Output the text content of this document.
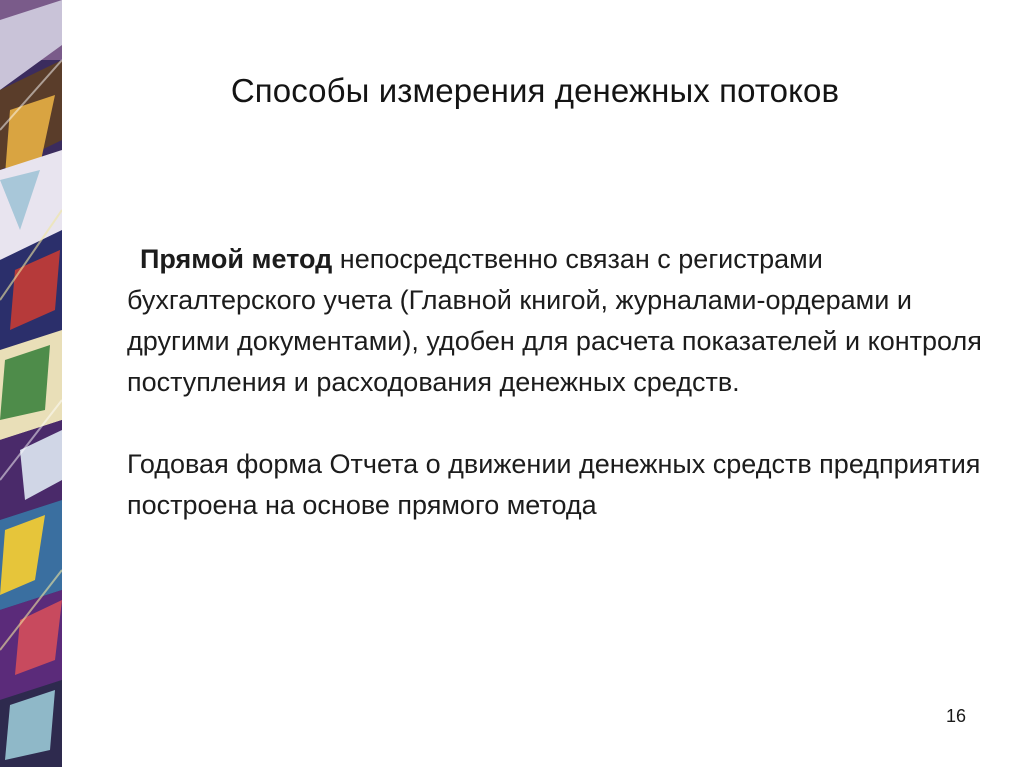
Способы измерения денежных потоков

Прямой метод непосредственно связан с регистрами бухгалтерского учета (Главной книгой, журналами-ордерами и другими документами), удобен для расчета показателей и контроля поступления и расходования денежных средств.

Годовая форма Отчета о движении денежных средств предприятия построена на основе прямого метода

16
